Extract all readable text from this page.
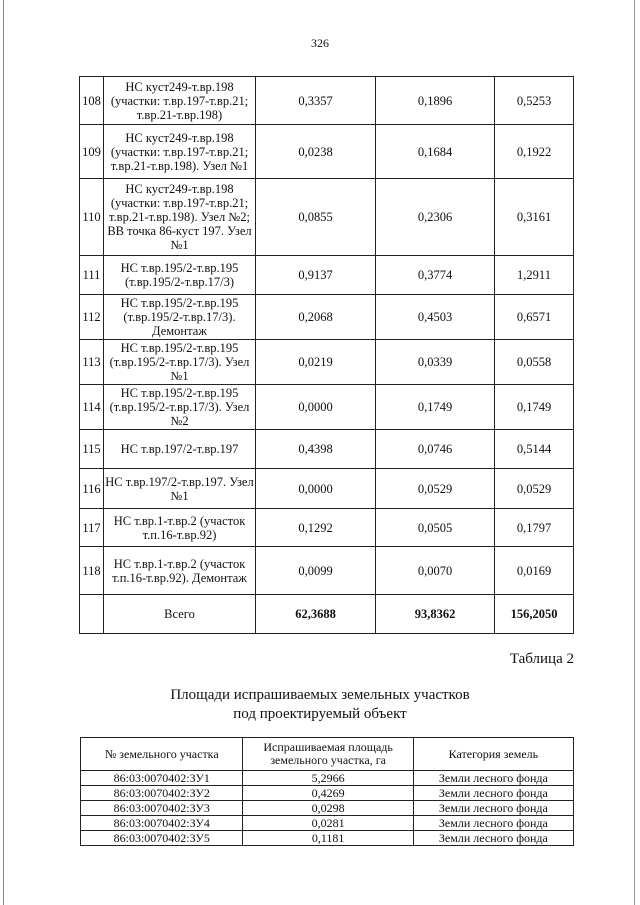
326
108	НС куст249-т.вр.198 (участки: т.вр.197-т.вр.21; т.вр.21-т.вр.198)	0,3357	0,1896	0,5253
109	НС куст249-т.вр.198 (участки: т.вр.197-т.вр.21; т.вр.21-т.вр.198). Узел №1	0,0238	0,1684	0,1922
110	НС куст249-т.вр.198 (участки: т.вр.197-т.вр.21; т.вр.21-т.вр.198). Узел №2; ВВ точка 86-куст 197. Узел №1	0,0855	0,2306	0,3161
111	НС т.вр.195/2-т.вр.195 (т.вр.195/2-т.вр.17/3)	0,9137	0,3774	1,2911
112	НС т.вр.195/2-т.вр.195 (т.вр.195/2-т.вр.17/3). Демонтаж	0,2068	0,4503	0,6571
113	НС т.вр.195/2-т.вр.195 (т.вр.195/2-т.вр.17/3). Узел №1	0,0219	0,0339	0,0558
114	НС т.вр.195/2-т.вр.195 (т.вр.195/2-т.вр.17/3). Узел №2	0,0000	0,1749	0,1749
115	НС т.вр.197/2-т.вр.197	0,4398	0,0746	0,5144
116	НС т.вр.197/2-т.вр.197. Узел №1	0,0000	0,0529	0,0529
117	НС т.вр.1-т.вр.2 (участок т.п.16-т.вр.92)	0,1292	0,0505	0,1797
118	НС т.вр.1-т.вр.2 (участок т.п.16-т.вр.92). Демонтаж	0,0099	0,0070	0,0169
	Всего	62,3688	93,8362	156,2050
Таблица 2
Площади испрашиваемых земельных участков
под проектируемый объект
№ земельного участка	Испрашиваемая площадь земельного участка, га	Категория земель
86:03:0070402:ЗУ1	5,2966	Земли лесного фонда
86:03:0070402:ЗУ2	0,4269	Земли лесного фонда
86:03:0070402:ЗУ3	0,0298	Земли лесного фонда
86:03:0070402:ЗУ4	0,0281	Земли лесного фонда
86:03:0070402:ЗУ5	0,1181	Земли лесного фонда
